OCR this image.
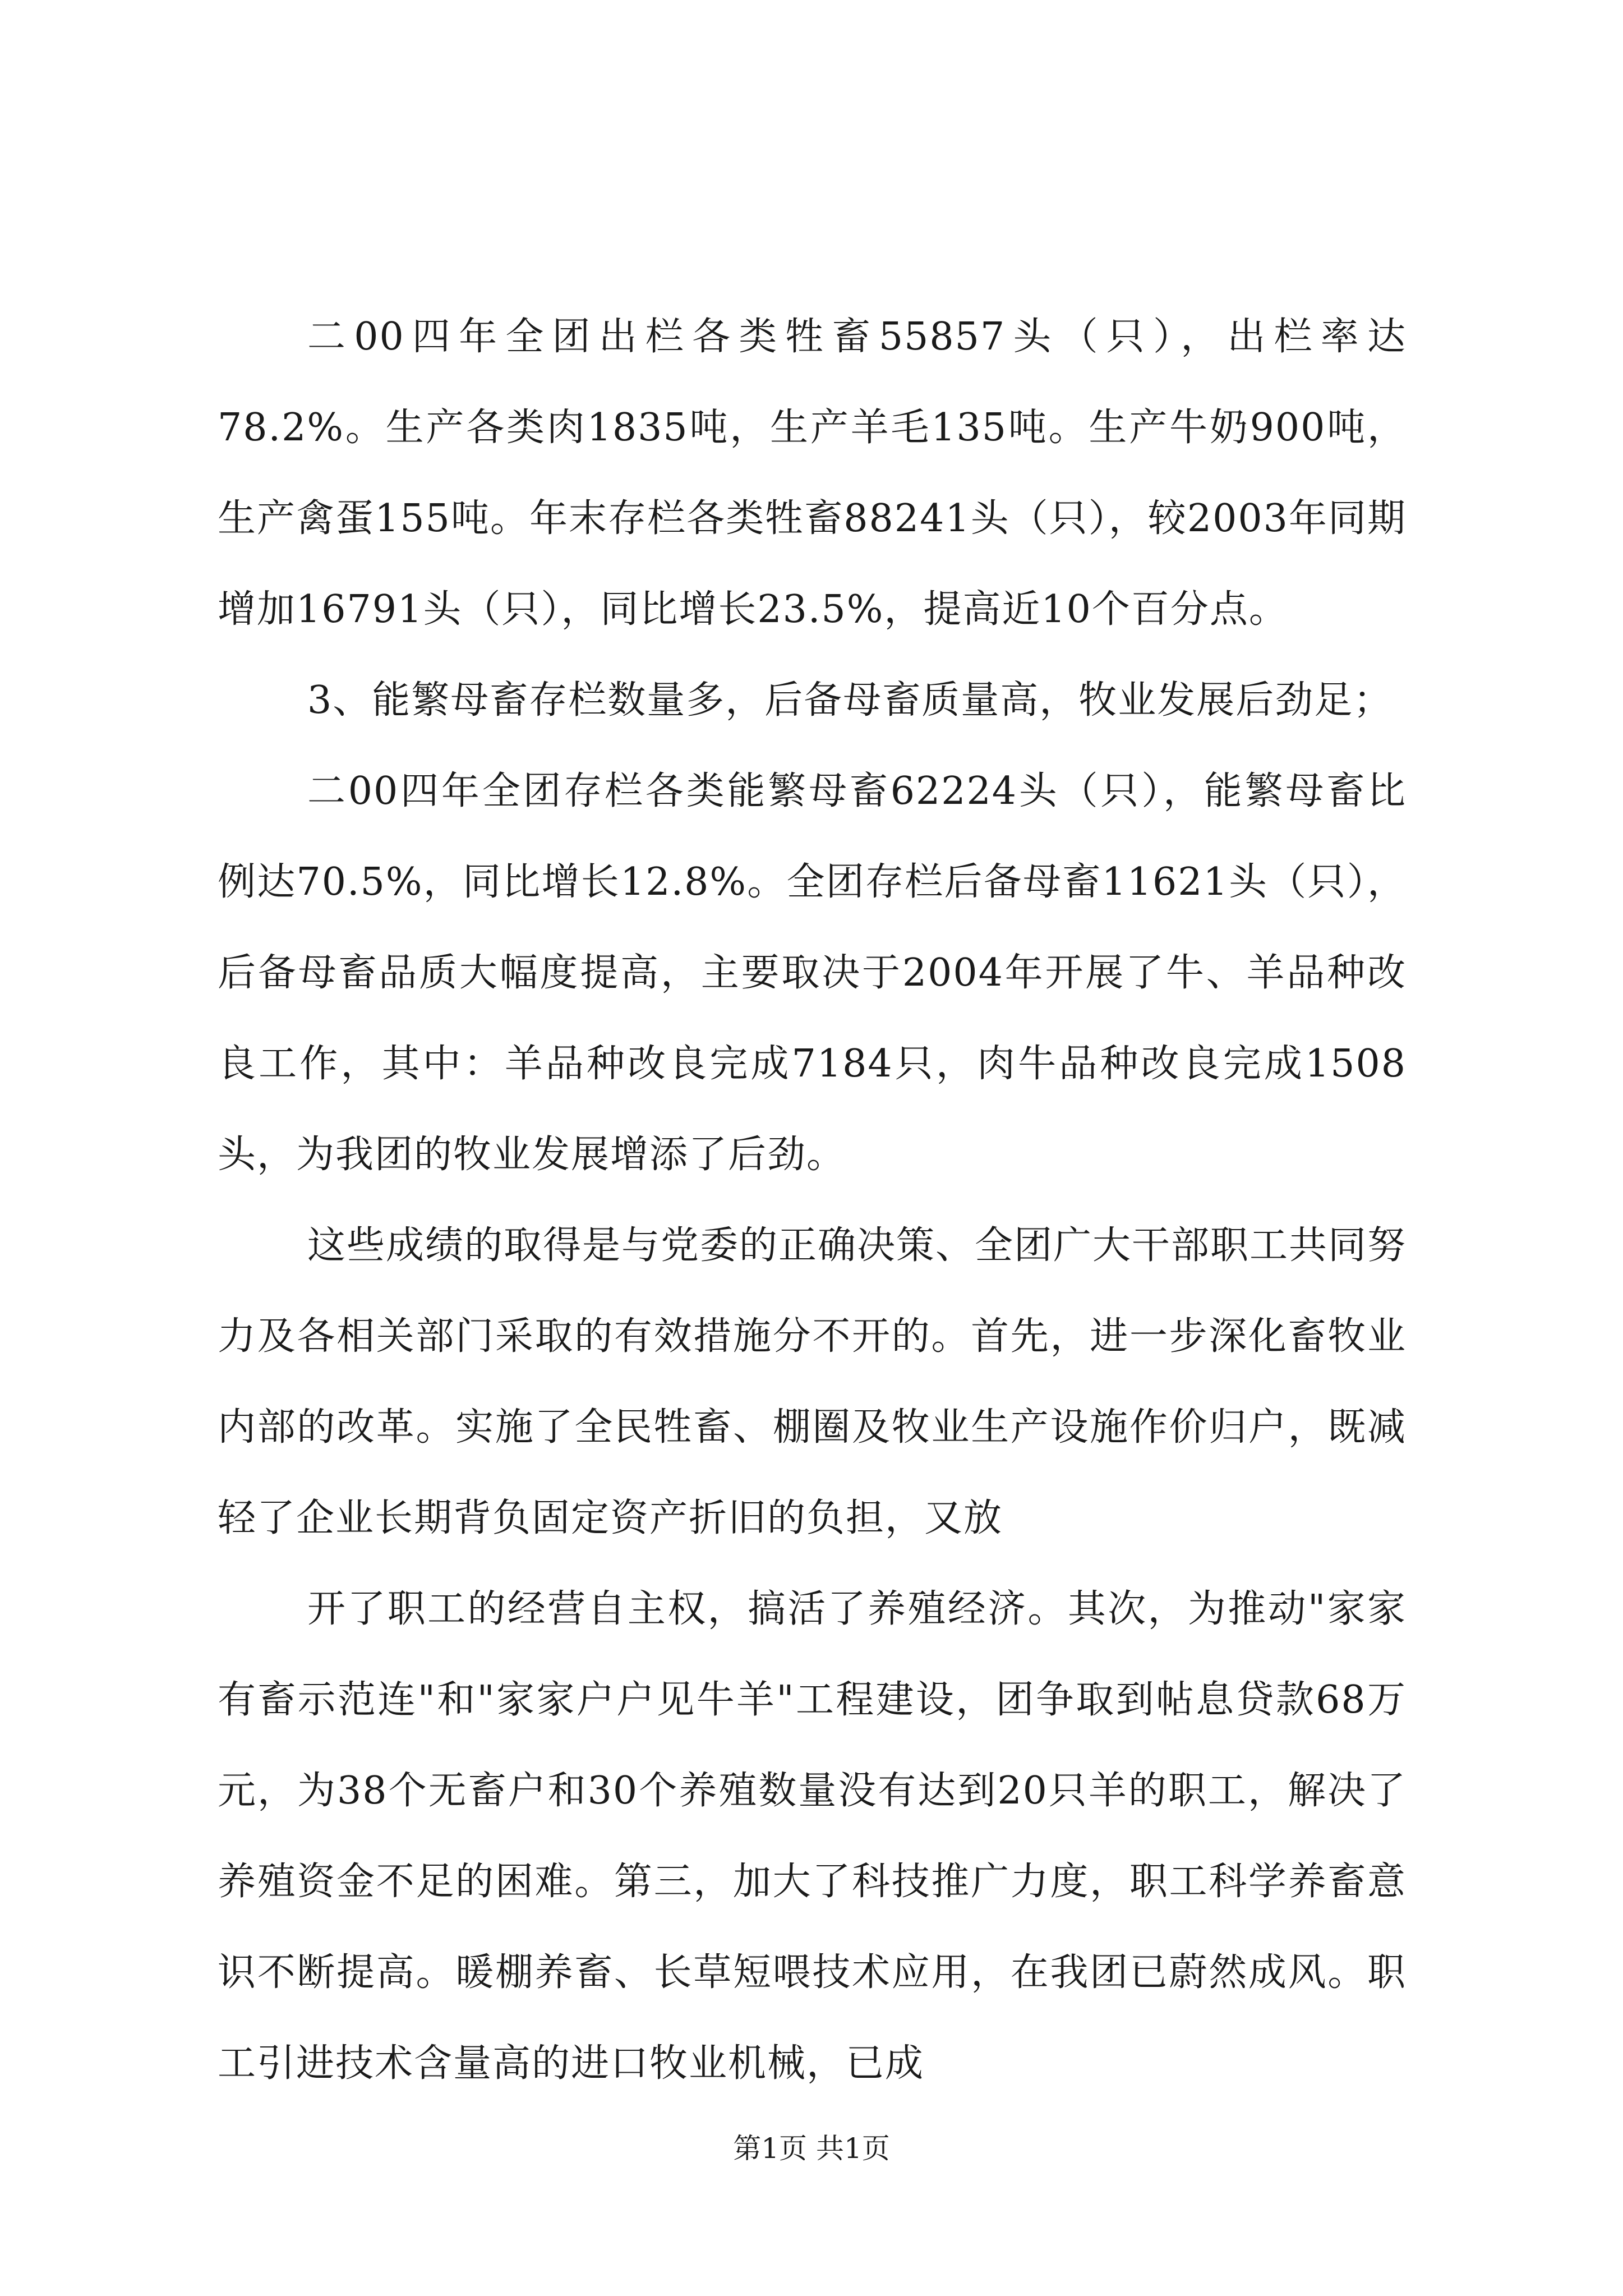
二00四年全团出栏各类牲畜55857头（只），出栏率达78.2%。生产各类肉1835吨，生产羊毛135吨。生产牛奶900吨，生产禽蛋155吨。年末存栏各类牲畜88241头（只），较2003年同期增加16791头（只），同比增长23.5%，提高近10个百分点。

3、能繁母畜存栏数量多，后备母畜质量高，牧业发展后劲足；

二00四年全团存栏各类能繁母畜62224头（只），能繁母畜比例达70.5%，同比增长12.8%。全团存栏后备母畜11621头（只），后备母畜品质大幅度提高，主要取决于2004年开展了牛、羊品种改良工作，其中：羊品种改良完成7184只，肉牛品种改良完成1508头，为我团的牧业发展增添了后劲。

这些成绩的取得是与党委的正确决策、全团广大干部职工共同努力及各相关部门采取的有效措施分不开的。首先，进一步深化畜牧业内部的改革。实施了全民牲畜、棚圈及牧业生产设施作价归户，既减轻了企业长期背负固定资产折旧的负担，又放

开了职工的经营自主权，搞活了养殖经济。其次，为推动"家家有畜示范连"和"家家户户见牛羊"工程建设，团争取到帖息贷款68万元，为38个无畜户和30个养殖数量没有达到20只羊的职工，解决了养殖资金不足的困难。第三，加大了科技推广力度，职工科学养畜意识不断提高。暖棚养畜、长草短喂技术应用，在我团已蔚然成风。职工引进技术含量高的进口牧业机械，已成

第1页 共1页
